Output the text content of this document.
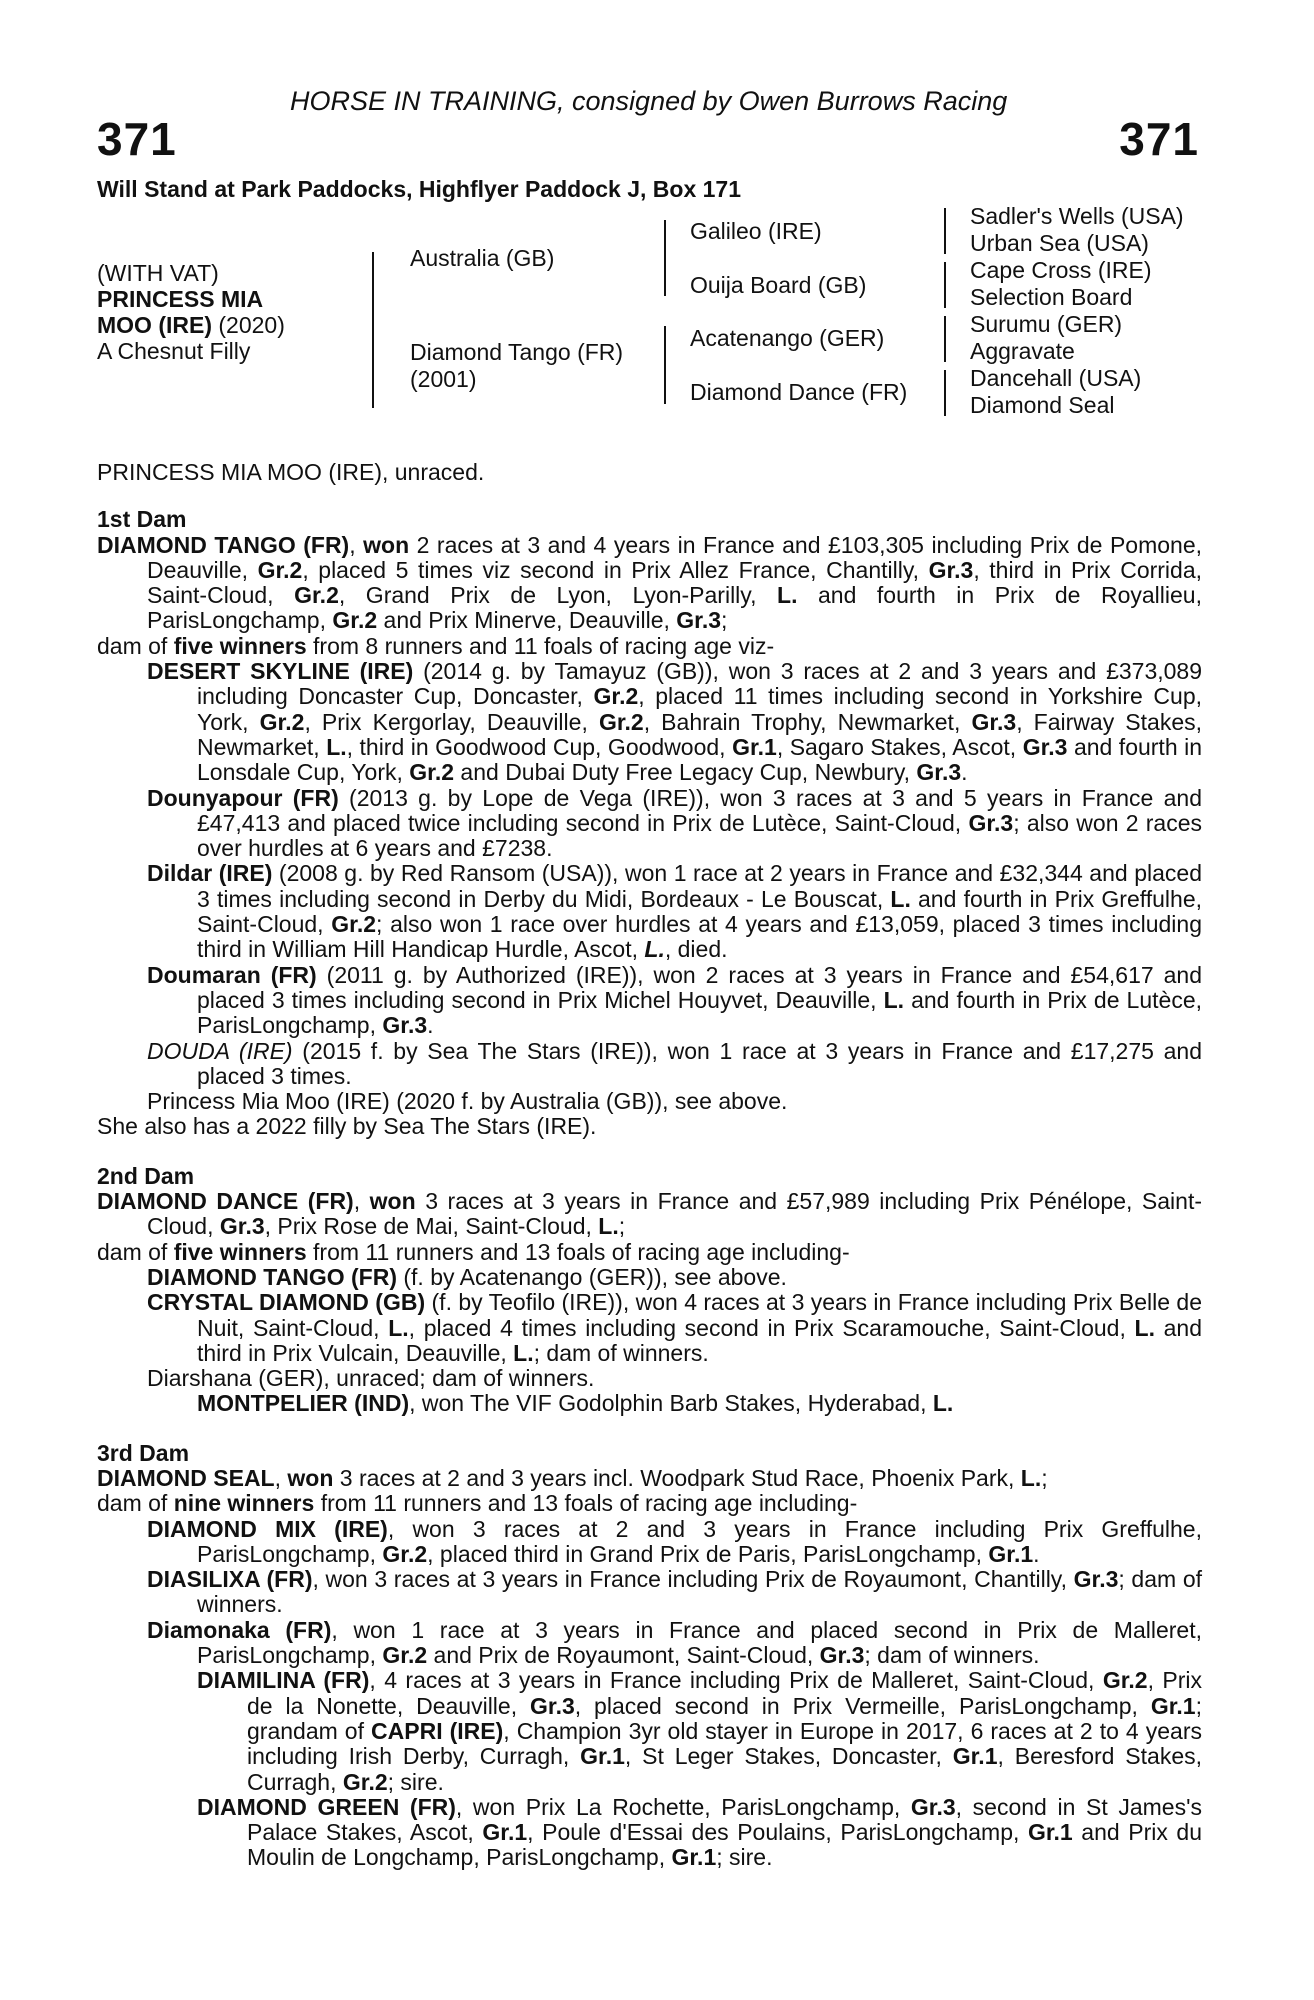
HORSE IN TRAINING, consigned by Owen Burrows Racing
371	371
Will Stand at Park Paddocks, Highflyer Paddock J, Box 171
(WITH VAT)
PRINCESS MIA
MOO (IRE) (2020)
A Chesnut Filly
Australia (GB)
Diamond Tango (FR)
(2001)
Galileo (IRE)
Ouija Board (GB)
Acatenango (GER)
Diamond Dance (FR)
Sadler's Wells (USA)
Urban Sea (USA)
Cape Cross (IRE)
Selection Board
Surumu (GER)
Aggravate
Dancehall (USA)
Diamond Seal
PRINCESS MIA MOO (IRE), unraced.
1st Dam
DIAMOND TANGO (FR), won 2 races at 3 and 4 years in France and £103,305 including Prix de Pomone, Deauville, Gr.2, placed 5 times viz second in Prix Allez France, Chantilly, Gr.3, third in Prix Corrida, Saint-Cloud, Gr.2, Grand Prix de Lyon, Lyon-Parilly, L. and fourth in Prix de Royallieu, ParisLongchamp, Gr.2 and Prix Minerve, Deauville, Gr.3;
dam of five winners from 8 runners and 11 foals of racing age viz-
DESERT SKYLINE (IRE) (2014 g. by Tamayuz (GB)), won 3 races at 2 and 3 years and £373,089 including Doncaster Cup, Doncaster, Gr.2, placed 11 times including second in Yorkshire Cup, York, Gr.2, Prix Kergorlay, Deauville, Gr.2, Bahrain Trophy, Newmarket, Gr.3, Fairway Stakes, Newmarket, L., third in Goodwood Cup, Goodwood, Gr.1, Sagaro Stakes, Ascot, Gr.3 and fourth in Lonsdale Cup, York, Gr.2 and Dubai Duty Free Legacy Cup, Newbury, Gr.3.
Dounyapour (FR) (2013 g. by Lope de Vega (IRE)), won 3 races at 3 and 5 years in France and £47,413 and placed twice including second in Prix de Lutèce, Saint-Cloud, Gr.3; also won 2 races over hurdles at 6 years and £7238.
Dildar (IRE) (2008 g. by Red Ransom (USA)), won 1 race at 2 years in France and £32,344 and placed 3 times including second in Derby du Midi, Bordeaux - Le Bouscat, L. and fourth in Prix Greffulhe, Saint-Cloud, Gr.2; also won 1 race over hurdles at 4 years and £13,059, placed 3 times including third in William Hill Handicap Hurdle, Ascot, L., died.
Doumaran (FR) (2011 g. by Authorized (IRE)), won 2 races at 3 years in France and £54,617 and placed 3 times including second in Prix Michel Houyvet, Deauville, L. and fourth in Prix de Lutèce, ParisLongchamp, Gr.3.
DOUDA (IRE) (2015 f. by Sea The Stars (IRE)), won 1 race at 3 years in France and £17,275 and placed 3 times.
Princess Mia Moo (IRE) (2020 f. by Australia (GB)), see above.
She also has a 2022 filly by Sea The Stars (IRE).
2nd Dam
DIAMOND DANCE (FR), won 3 races at 3 years in France and £57,989 including Prix Pénélope, Saint-Cloud, Gr.3, Prix Rose de Mai, Saint-Cloud, L.;
dam of five winners from 11 runners and 13 foals of racing age including-
DIAMOND TANGO (FR) (f. by Acatenango (GER)), see above.
CRYSTAL DIAMOND (GB) (f. by Teofilo (IRE)), won 4 races at 3 years in France including Prix Belle de Nuit, Saint-Cloud, L., placed 4 times including second in Prix Scaramouche, Saint-Cloud, L. and third in Prix Vulcain, Deauville, L.; dam of winners.
Diarshana (GER), unraced; dam of winners.
MONTPELIER (IND), won The VIF Godolphin Barb Stakes, Hyderabad, L.
3rd Dam
DIAMOND SEAL, won 3 races at 2 and 3 years incl. Woodpark Stud Race, Phoenix Park, L.;
dam of nine winners from 11 runners and 13 foals of racing age including-
DIAMOND MIX (IRE), won 3 races at 2 and 3 years in France including Prix Greffulhe, ParisLongchamp, Gr.2, placed third in Grand Prix de Paris, ParisLongchamp, Gr.1.
DIASILIXA (FR), won 3 races at 3 years in France including Prix de Royaumont, Chantilly, Gr.3; dam of winners.
Diamonaka (FR), won 1 race at 3 years in France and placed second in Prix de Malleret, ParisLongchamp, Gr.2 and Prix de Royaumont, Saint-Cloud, Gr.3; dam of winners.
DIAMILINA (FR), 4 races at 3 years in France including Prix de Malleret, Saint-Cloud, Gr.2, Prix de la Nonette, Deauville, Gr.3, placed second in Prix Vermeille, ParisLongchamp, Gr.1; grandam of CAPRI (IRE), Champion 3yr old stayer in Europe in 2017, 6 races at 2 to 4 years including Irish Derby, Curragh, Gr.1, St Leger Stakes, Doncaster, Gr.1, Beresford Stakes, Curragh, Gr.2; sire.
DIAMOND GREEN (FR), won Prix La Rochette, ParisLongchamp, Gr.3, second in St James's Palace Stakes, Ascot, Gr.1, Poule d'Essai des Poulains, ParisLongchamp, Gr.1 and Prix du Moulin de Longchamp, ParisLongchamp, Gr.1; sire.
